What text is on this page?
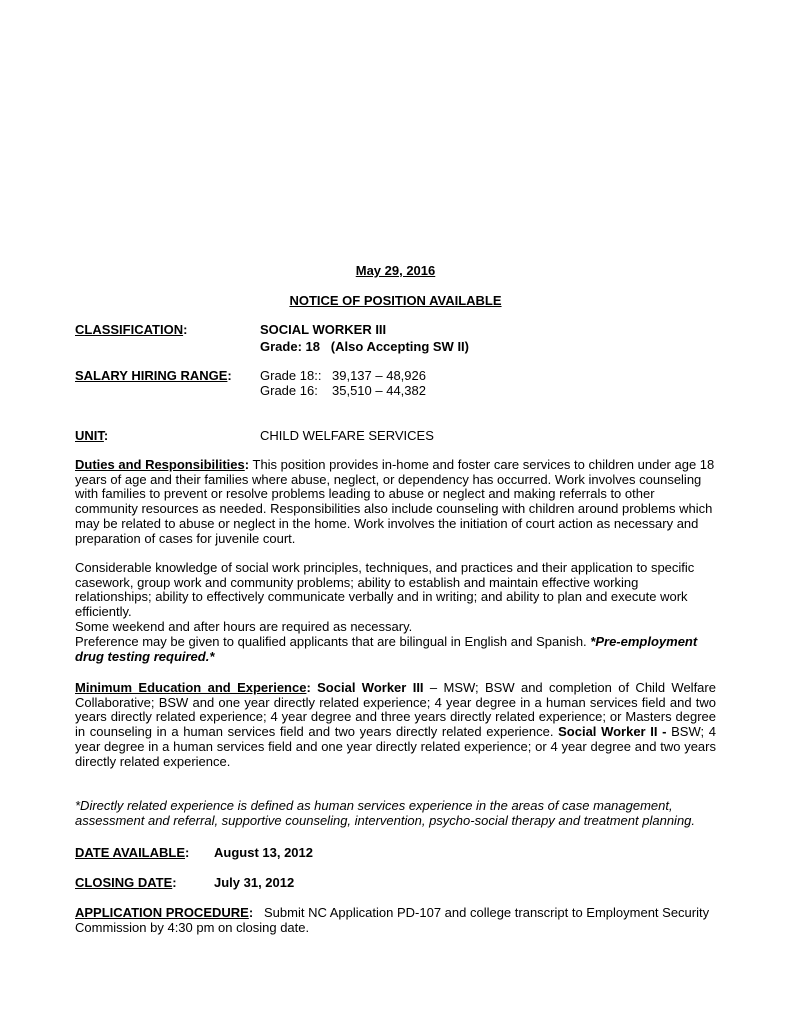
May 29, 2016
NOTICE OF POSITION AVAILABLE
CLASSIFICATION:	SOCIAL WORKER III
Grade: 18   (Also Accepting SW II)
SALARY HIRING RANGE: Grade 18:: 39,137 – 48,926
Grade 16: 35,510 – 44,382
UNIT:	CHILD WELFARE SERVICES
Duties and Responsibilities: This position provides in-home and foster care services to children under age 18 years of age and their families where abuse, neglect, or dependency has occurred. Work involves counseling with families to prevent or resolve problems leading to abuse or neglect and making referrals to other community resources as needed. Responsibilities also include counseling with children around problems which may be related to abuse or neglect in the home. Work involves the initiation of court action as necessary and preparation of cases for juvenile court.
Considerable knowledge of social work principles, techniques, and practices and their application to specific casework, group work and community problems; ability to establish and maintain effective working relationships; ability to effectively communicate verbally and in writing; and ability to plan and execute work efficiently.
Some weekend and after hours are required as necessary.
Preference may be given to qualified applicants that are bilingual in English and Spanish. *Pre-employment drug testing required.*
Minimum Education and Experience: Social Worker III – MSW; BSW and completion of Child Welfare Collaborative; BSW and one year directly related experience; 4 year degree in a human services field and two years directly related experience; 4 year degree and three years directly related experience; or Masters degree in counseling in a human services field and two years directly related experience. Social Worker II - BSW; 4 year degree in a human services field and one year directly related experience; or 4 year degree and two years directly related experience.
*Directly related experience is defined as human services experience in the areas of case management, assessment and referral, supportive counseling, intervention, psycho-social therapy and treatment planning.
DATE AVAILABLE: August 13, 2012
CLOSING DATE:	July 31, 2012
APPLICATION PROCEDURE: Submit NC Application PD-107 and college transcript to Employment Security Commission by 4:30 pm on closing date.
